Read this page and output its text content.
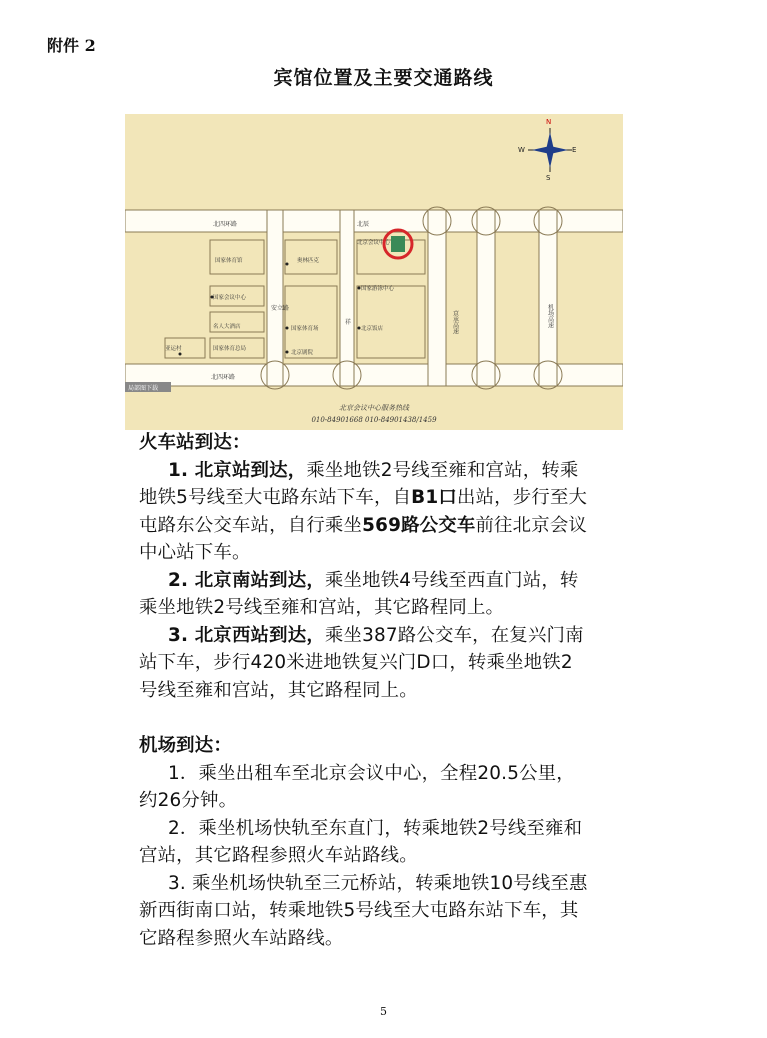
附件 2
宾馆位置及主要交通路线
N
E
S
W
北四环路
北四环路
北辰
京承高速	机场高速
安立路
祥
国家体育馆	奥林匹克
国家游泳中心
国家会议中心
国家体育场	北京饭店
名人大酒店
国家体育总局
北京剧院
亚运村
北京会议中心
局部图下载
北京会议中心服务热线
010-84901668 010-84901438/1459

火车站到达：

1. 北京站到达，乘坐地铁2号线至雍和宫站，转乘地铁5号线至大屯路东站下车，自B1口出站，步行至大屯路东公交车站，自行乘坐569路公交车前往北京会议中心站下车。

2. 北京南站到达，乘坐地铁4号线至西直门站，转乘坐地铁2号线至雍和宫站，其它路程同上。

3. 北京西站到达，乘坐387路公交车，在复兴门南站下车，步行420米进地铁复兴门D口，转乘坐地铁2号线至雍和宫站，其它路程同上。

机场到达：

1．乘坐出租车至北京会议中心，全程20.5公里，约26分钟。

2．乘坐机场快轨至东直门，转乘地铁2号线至雍和宫站，其它路程参照火车站路线。

3. 乘坐机场快轨至三元桥站，转乘地铁10号线至惠新西街南口站，转乘地铁5号线至大屯路东站下车，其它路程参照火车站路线。

5
